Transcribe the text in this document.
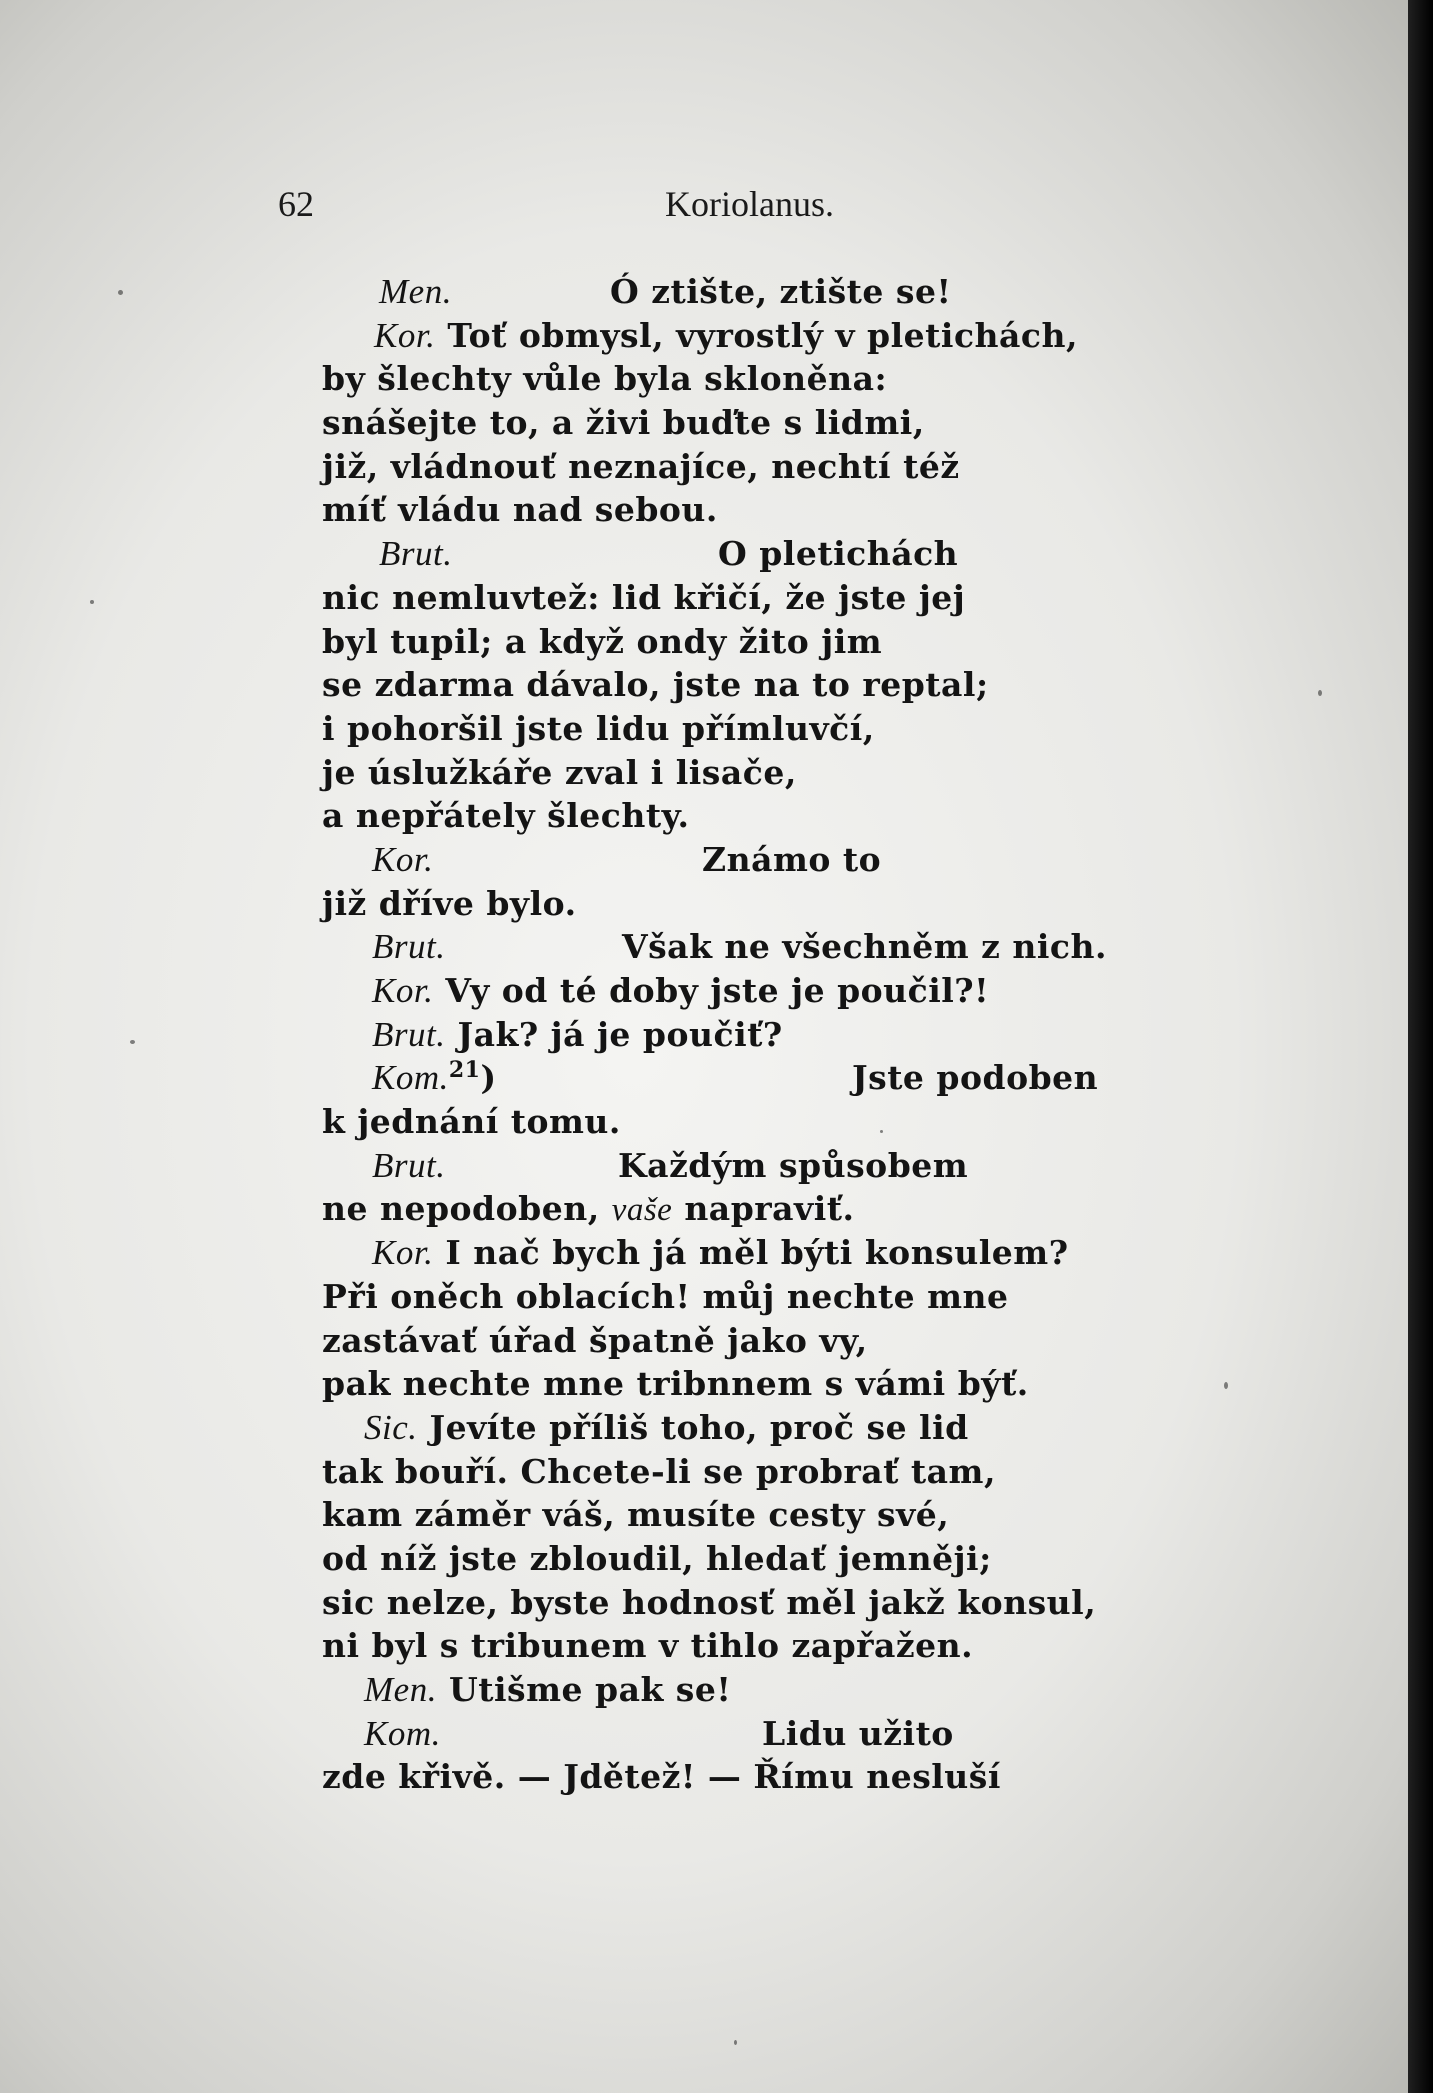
62	Koriolanus.

Men.

	Ó ztište, ztište se!

Kor. Toť obmysl, vyrostlý v pletichách,
by šlechty vůle byla skloněna:
snášejte to, a živi buďte s lidmi,
již, vládnouť neznajíce, nechtí též
míť vládu nad sebou.

Brut.

	O pletichách

nic nemluvtež: lid křičí, že jste jej
byl tupil; a když ondy žito jim
se zdarma dávalo, jste na to reptal;
i pohoršil jste lidu přímluvčí,
je úslužkáře zval i lisače,
a nepřátely šlechty.

Kor.

	Známo to

již dříve bylo.

Brut.

	Však ne všechněm z nich.

Kor. Vy od té doby jste je poučil?!
Brut. Jak? já je poučiť?

Kom.$^{21}$)

	Jste podoben

k jednání tomu.

Brut.

	Každým spůsobem

ne nepodoben, vaše napraviť.
Kor. I nač bych já měl býti konsulem?
Při oněch oblacích! můj nechte mne
zastávať úřad špatně jako vy,
pak nechte mne tribnnem s vámi býť.
Sic. Jevíte příliš toho, proč se lid
tak bouří. Chcete-li se probrať tam,
kam záměr váš, musíte cesty své,
od níž jste zbloudil, hledať jemněji;
sic nelze, byste hodnosť měl jakž konsul,
ni byl s tribunem v tihlo zapřažen.
Men. Utišme pak se!

Kom.

	Lidu užito

zde křivě. — Jdětež! — Římu nesluší
